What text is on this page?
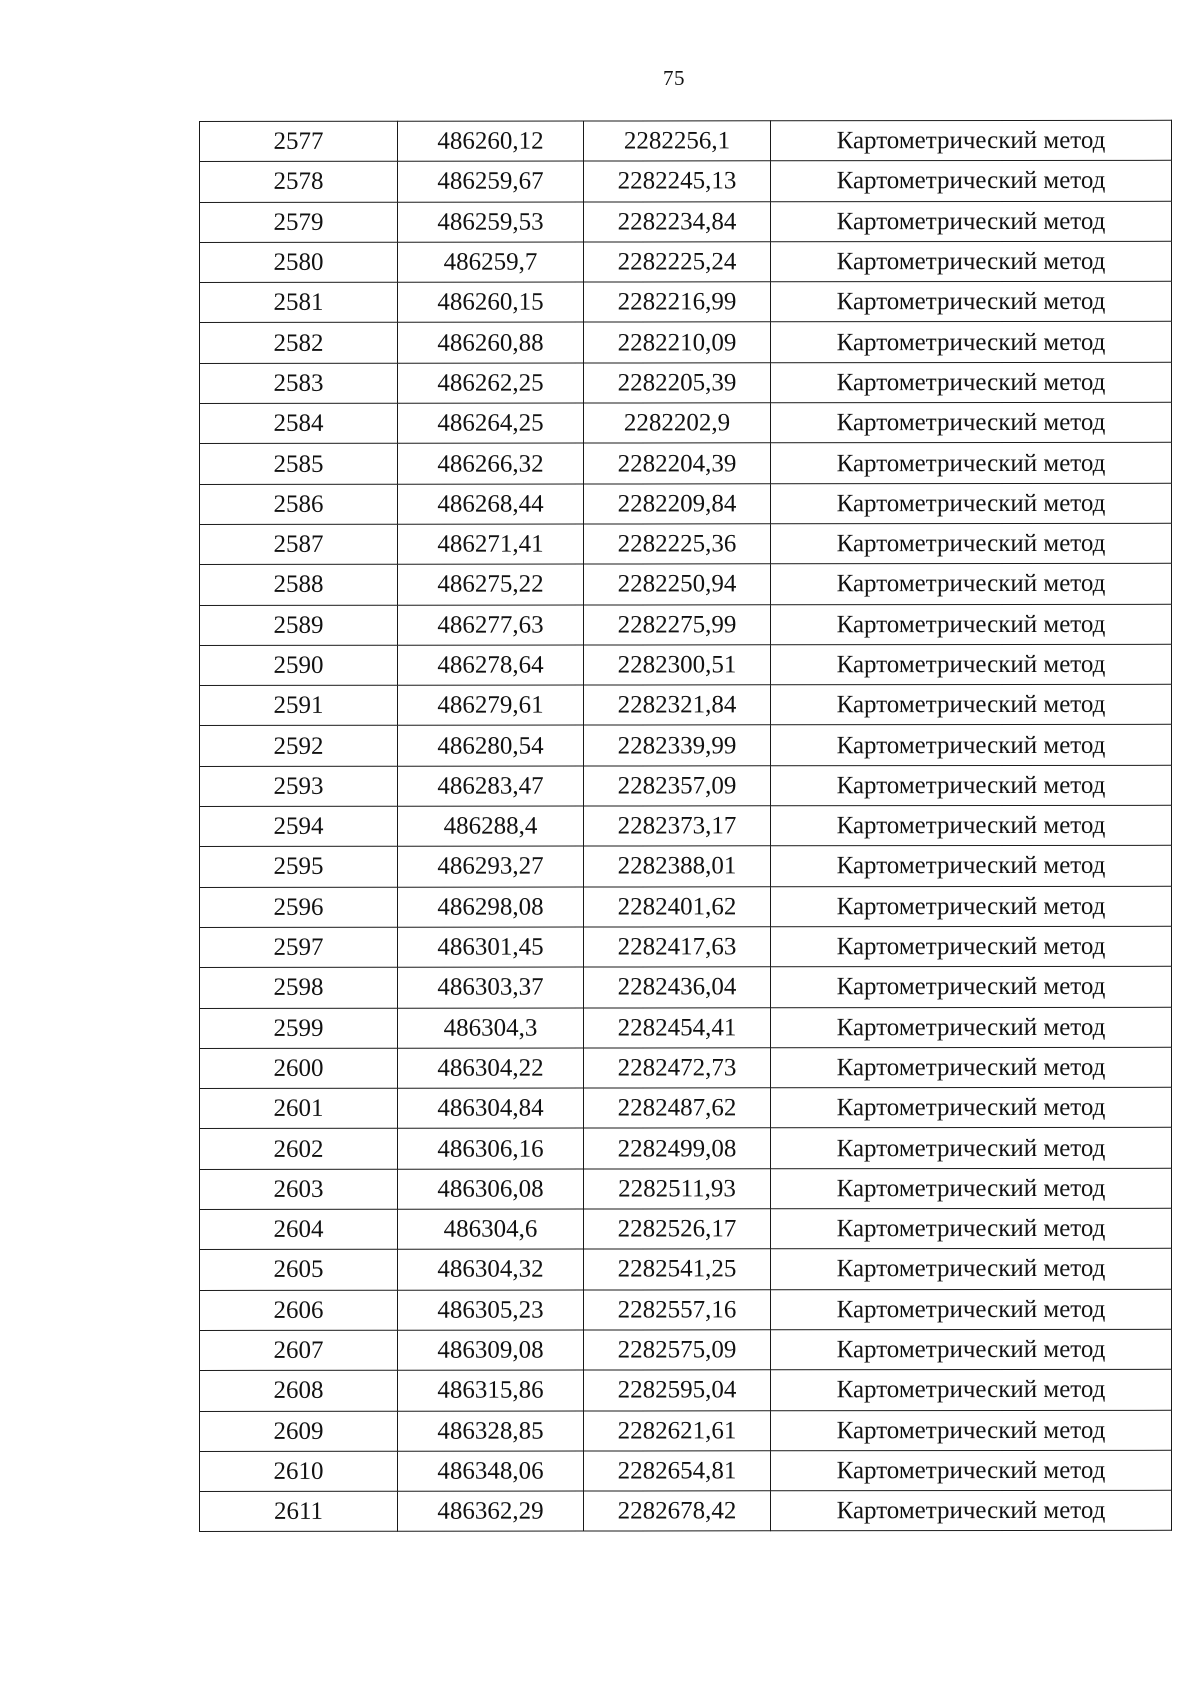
75
2577	486260,12	2282256,1	Картометрический метод
2578	486259,67	2282245,13	Картометрический метод
2579	486259,53	2282234,84	Картометрический метод
2580	486259,7	2282225,24	Картометрический метод
2581	486260,15	2282216,99	Картометрический метод
2582	486260,88	2282210,09	Картометрический метод
2583	486262,25	2282205,39	Картометрический метод
2584	486264,25	2282202,9	Картометрический метод
2585	486266,32	2282204,39	Картометрический метод
2586	486268,44	2282209,84	Картометрический метод
2587	486271,41	2282225,36	Картометрический метод
2588	486275,22	2282250,94	Картометрический метод
2589	486277,63	2282275,99	Картометрический метод
2590	486278,64	2282300,51	Картометрический метод
2591	486279,61	2282321,84	Картометрический метод
2592	486280,54	2282339,99	Картометрический метод
2593	486283,47	2282357,09	Картометрический метод
2594	486288,4	2282373,17	Картометрический метод
2595	486293,27	2282388,01	Картометрический метод
2596	486298,08	2282401,62	Картометрический метод
2597	486301,45	2282417,63	Картометрический метод
2598	486303,37	2282436,04	Картометрический метод
2599	486304,3	2282454,41	Картометрический метод
2600	486304,22	2282472,73	Картометрический метод
2601	486304,84	2282487,62	Картометрический метод
2602	486306,16	2282499,08	Картометрический метод
2603	486306,08	2282511,93	Картометрический метод
2604	486304,6	2282526,17	Картометрический метод
2605	486304,32	2282541,25	Картометрический метод
2606	486305,23	2282557,16	Картометрический метод
2607	486309,08	2282575,09	Картометрический метод
2608	486315,86	2282595,04	Картометрический метод
2609	486328,85	2282621,61	Картометрический метод
2610	486348,06	2282654,81	Картометрический метод
2611	486362,29	2282678,42	Картометрический метод
